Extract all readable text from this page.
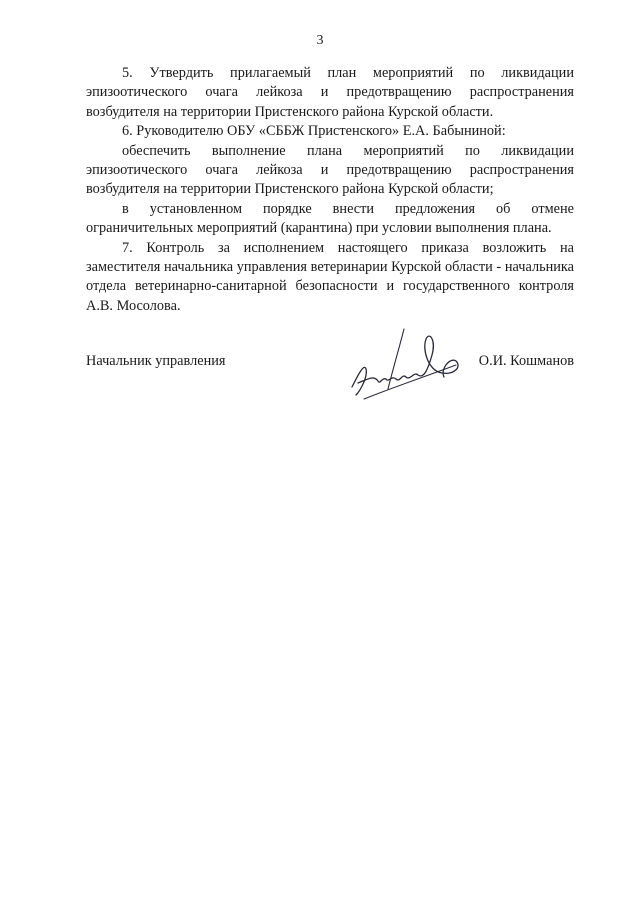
3

5. Утвердить прилагаемый план мероприятий по ликвидации эпизоотического очага лейкоза и предотвращению распространения возбудителя на территории Пристенского района Курской области.

6. Руководителю ОБУ «СББЖ Пристенского» Е.А. Бабыниной:

обеспечить выполнение плана мероприятий по ликвидации эпизоотического очага лейкоза и предотвращению распространения возбудителя на территории Пристенского района Курской области;

в установленном порядке внести предложения об отмене ограничительных мероприятий (карантина) при условии выполнения плана.

7. Контроль за исполнением настоящего приказа возложить на заместителя начальника управления ветеринарии Курской области - начальника отдела ветеринарно-санитарной безопасности и государственного контроля А.В. Мосолова.

Начальник управления	О.И. Кошманов
